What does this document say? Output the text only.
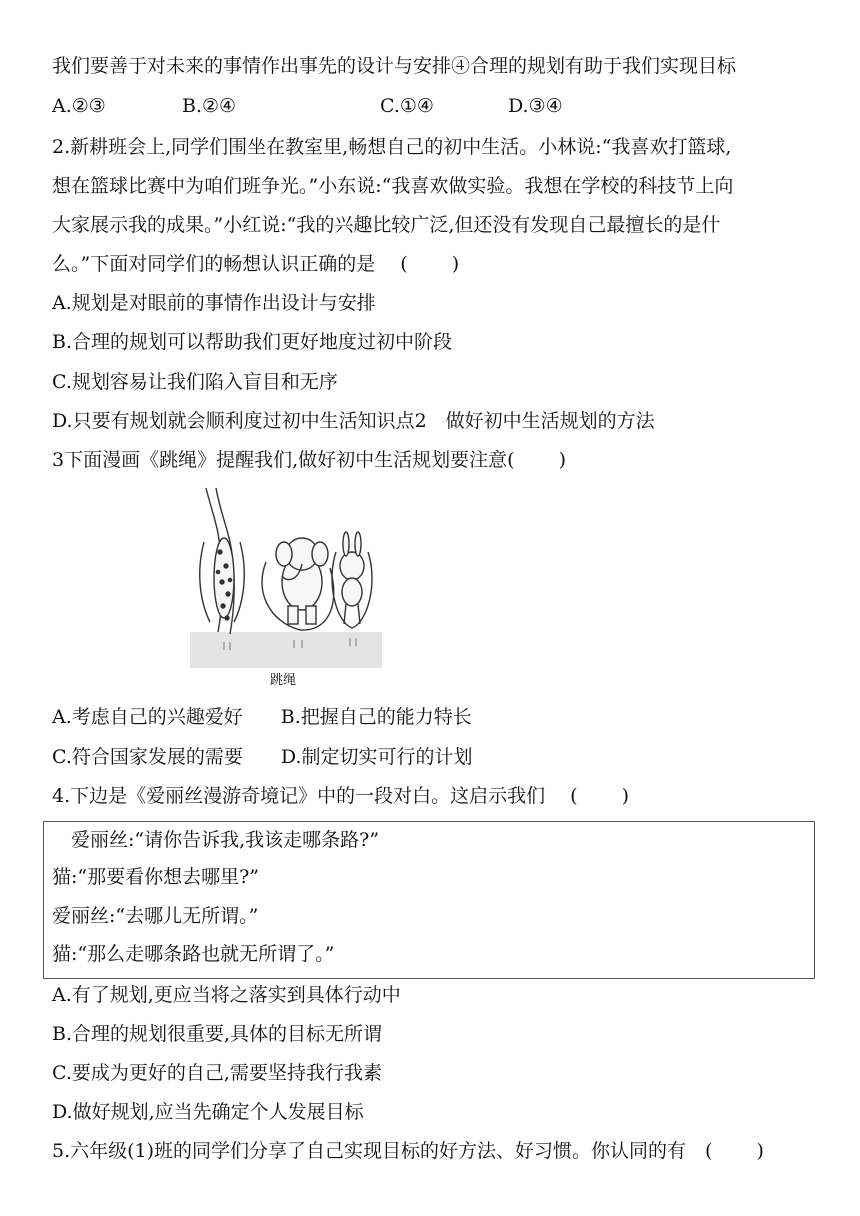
我们要善于对未来的事情作出事先的设计与安排④合理的规划有助于我们实现目标
A.②③	B.②④	C.①④	D.③④
2.新耕班会上,同学们围坐在教室里,畅想自己的初中生活。小林说:“我喜欢打篮球,
想在篮球比赛中为咱们班争光。”小东说:“我喜欢做实验。我想在学校的科技节上向
大家展示我的成果。”小红说:“我的兴趣比较广泛,但还没有发现自己最擅长的是什
么。”下面对同学们的畅想认识正确的是　 (　　 )
A.规划是对眼前的事情作出设计与安排
B.合理的规划可以帮助我们更好地度过初中阶段
C.规划容易让我们陷入盲目和无序
D.只要有规划就会顺利度过初中生活知识点2　做好初中生活规划的方法
3下面漫画《跳绳》提醒我们,做好初中生活规划要注意(　　 )
跳绳
A.考虑自己的兴趣爱好　　B.把握自己的能力特长
C.符合国家发展的需要　　D.制定切实可行的计划
4.下边是《爱丽丝漫游奇境记》中的一段对白。这启示我们　 (　　 )
　爱丽丝:“请你告诉我,我该走哪条路?”
猫:“那要看你想去哪里?”
爱丽丝:“去哪儿无所谓。”
猫:“那么走哪条路也就无所谓了。”
A.有了规划,更应当将之落实到具体行动中
B.合理的规划很重要,具体的目标无所谓
C.要成为更好的自己,需要坚持我行我素
D.做好规划,应当先确定个人发展目标
5.六年级(1)班的同学们分享了自己实现目标的好方法、好习惯。你认同的有　(　　 )
